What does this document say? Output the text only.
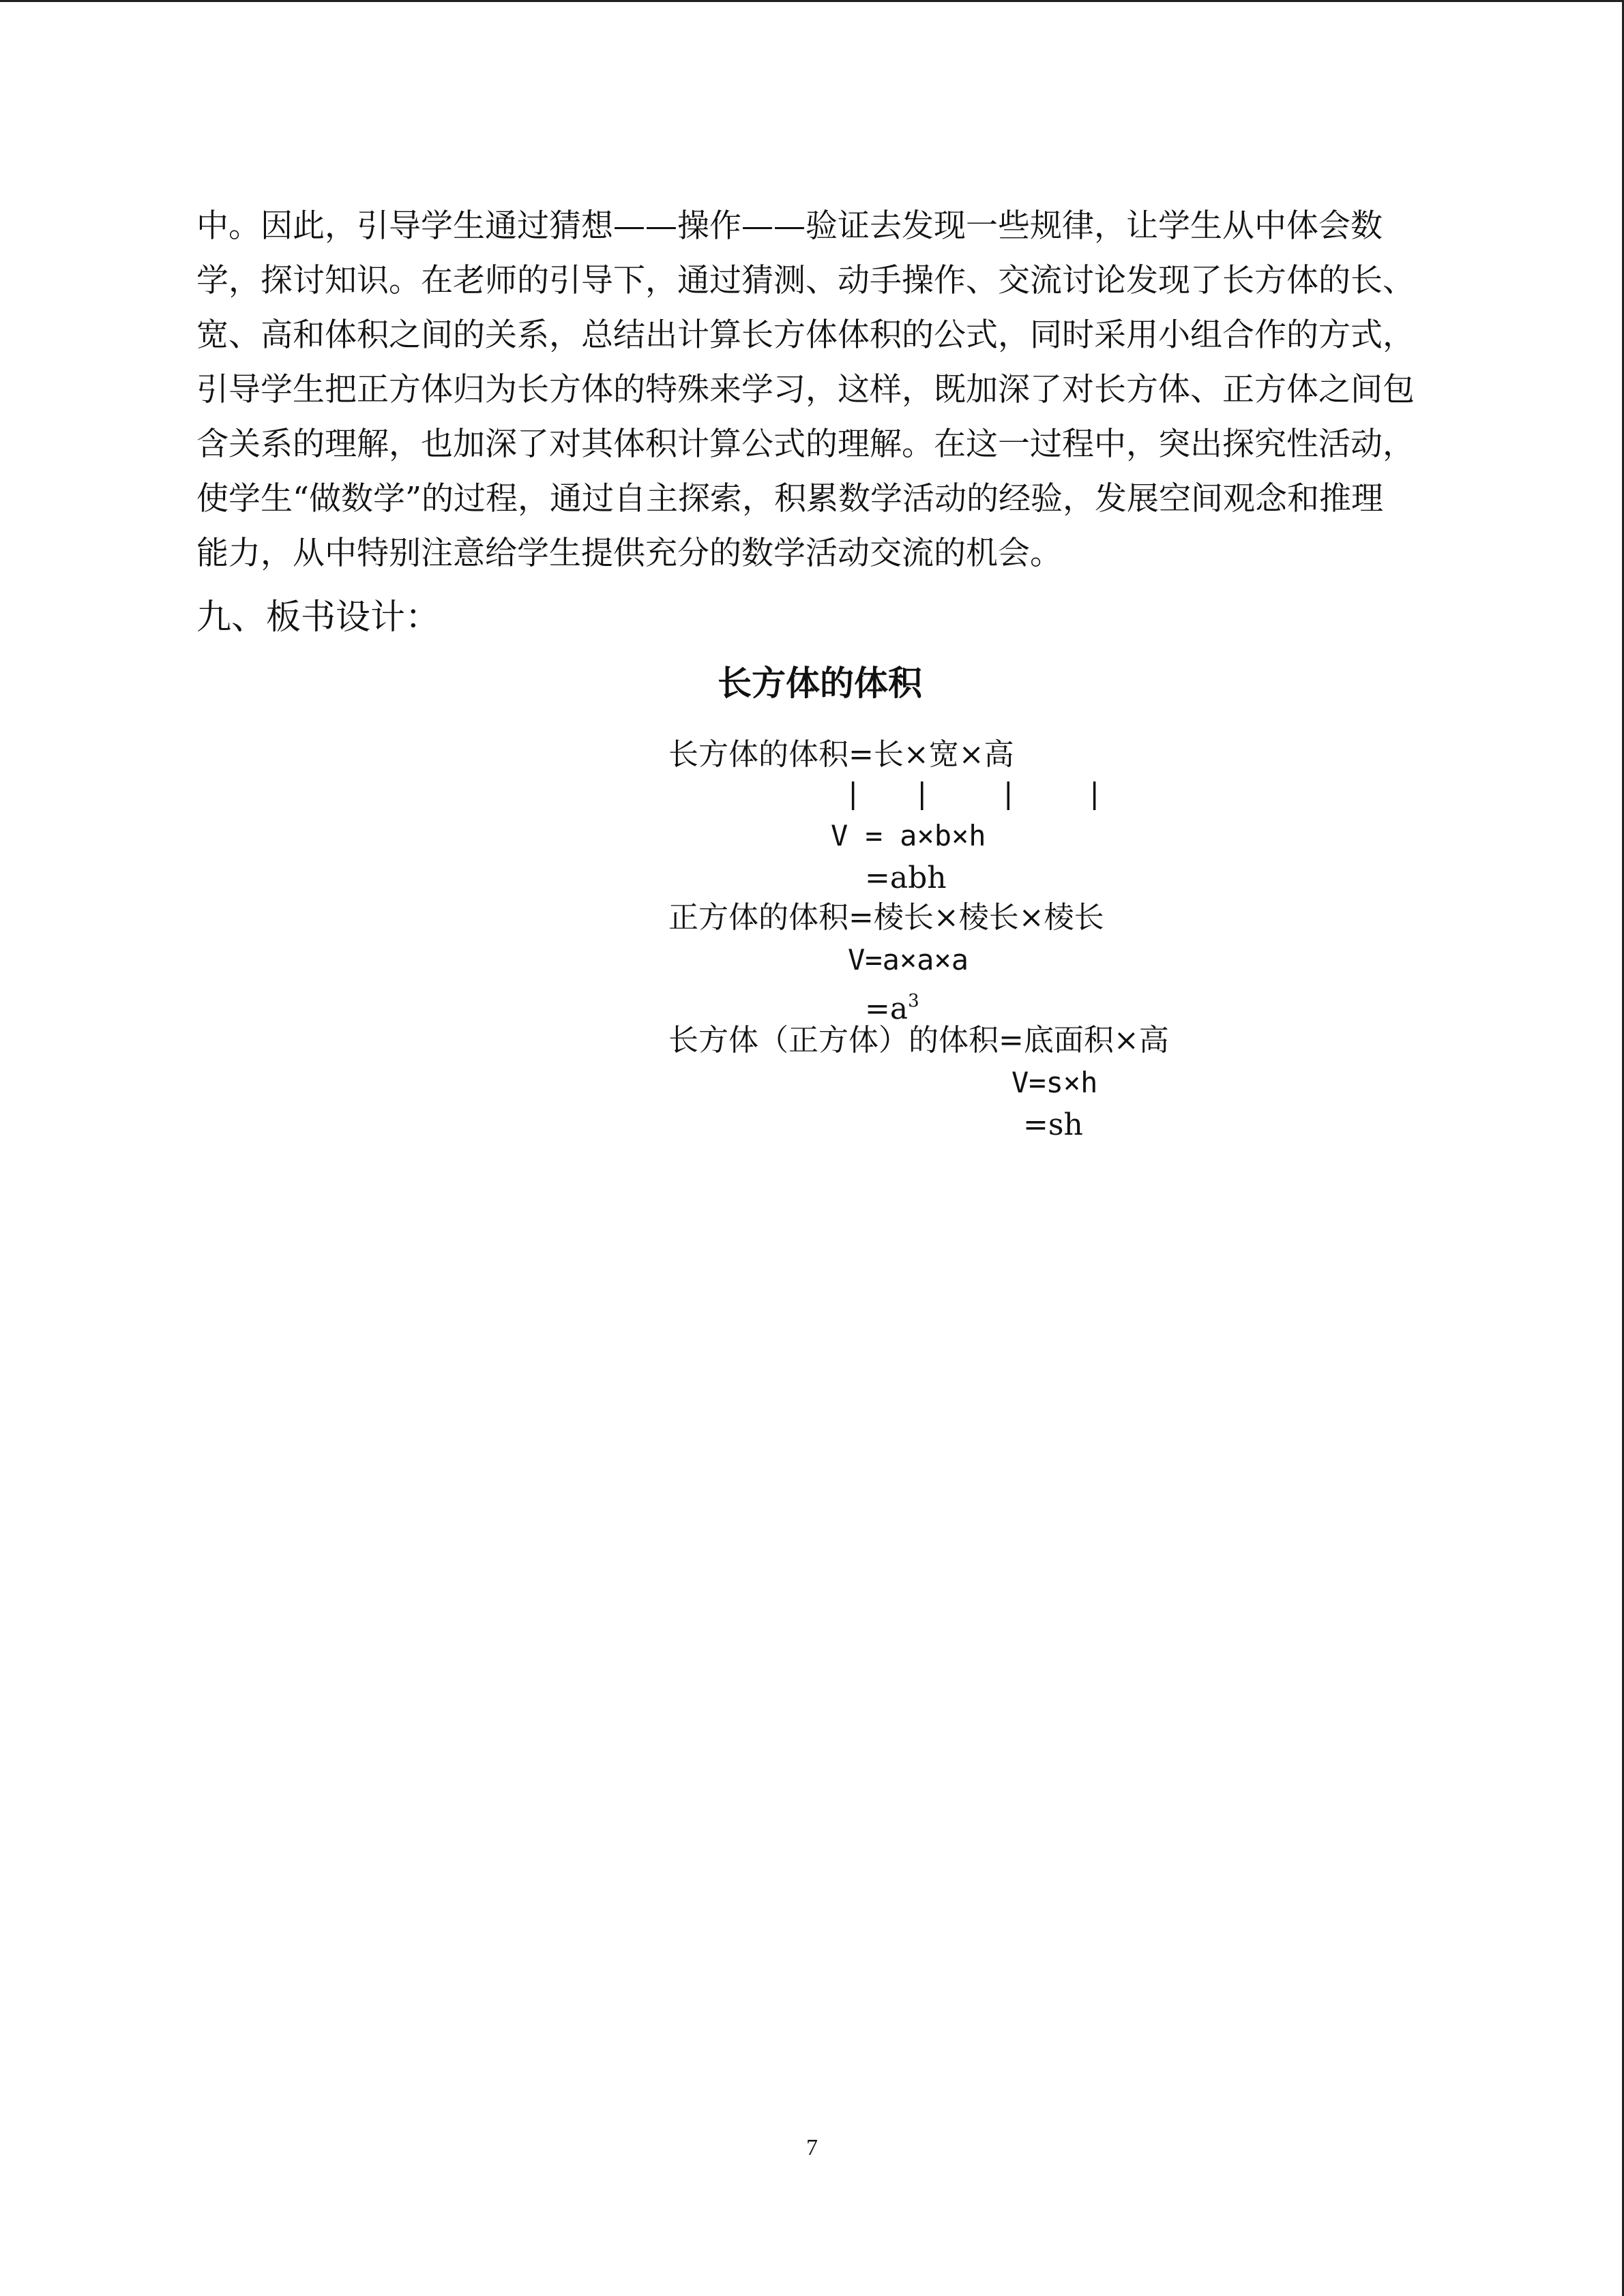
中。因此，引导学生通过猜想——操作——验证去发现一些规律，让学生从中体会数
学，探讨知识。在老师的引导下，通过猜测、动手操作、交流讨论发现了长方体的长、
宽、高和体积之间的关系，总结出计算长方体体积的公式，同时采用小组合作的方式，
引导学生把正方体归为长方体的特殊来学习，这样，既加深了对长方体、正方体之间包
含关系的理解，也加深了对其体积计算公式的理解。在这一过程中，突出探究性活动，
使学生“做数学”的过程，通过自主探索，积累数学活动的经验，发展空间观念和推理
能力，从中特别注意给学生提供充分的数学活动交流的机会。
九、板书设计：
长方体的体积
长方体的体积=长×宽×高
|   |    |    |
V = a×b×h
=abh
正方体的体积=棱长×棱长×棱长
V=a×a×a
$=a^3$
长方体（正方体）的体积=底面积×高
V=s×h
=sh
7
